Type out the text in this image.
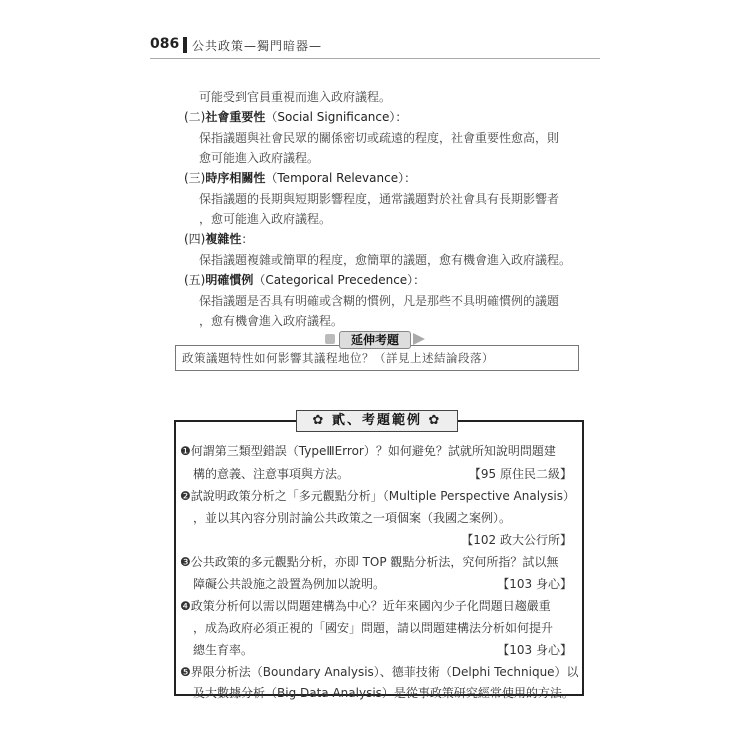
086 公共政策—獨門暗器—
可能受到官員重視而進入政府議程。
(二)社會重要性（Social Significance）：
保指議題與社會民眾的關係密切或疏遠的程度，社會重要性愈高，則
愈可能進入政府議程。
(三)時序相關性（Temporal Relevance）：
保指議題的長期與短期影響程度，通常議題對於社會具有長期影響者
，愈可能進入政府議程。
(四)複雜性：
保指議題複雜或簡單的程度，愈簡單的議題，愈有機會進入政府議程。
(五)明確慣例（Categorical Precedence）：
保指議題是否具有明確或含糊的慣例，凡是那些不具明確慣例的議題
，愈有機會進入政府議程。
政策議題特性如何影響其議程地位？（詳見上述結論段落）
延伸考題
✿ 貳、考題範例 ✿
❶何謂第三類型錯誤（TypeⅢError）？如何避免？試就所知說明問題建
構的意義、注意事項與方法。	【95 原住民二級】
❷試說明政策分析之「多元觀點分析」（Multiple Perspective Analysis）
，並以其內容分別討論公共政策之一項個案（我國之案例）。
【102 政大公行所】
❸公共政策的多元觀點分析，亦即 TOP 觀點分析法，究何所指？試以無
障礙公共設施之設置為例加以說明。	【103 身心】
❹政策分析何以需以問題建構為中心？近年來國內少子化問題日趨嚴重
，成為政府必須正視的「國安」問題，請以問題建構法分析如何提升
總生育率。	【103 身心】
❺界限分析法（Boundary Analysis）、德菲技術（Delphi Technique）以
及大數據分析（Big Data Analysis）是從事政策研究經常使用的方法。
